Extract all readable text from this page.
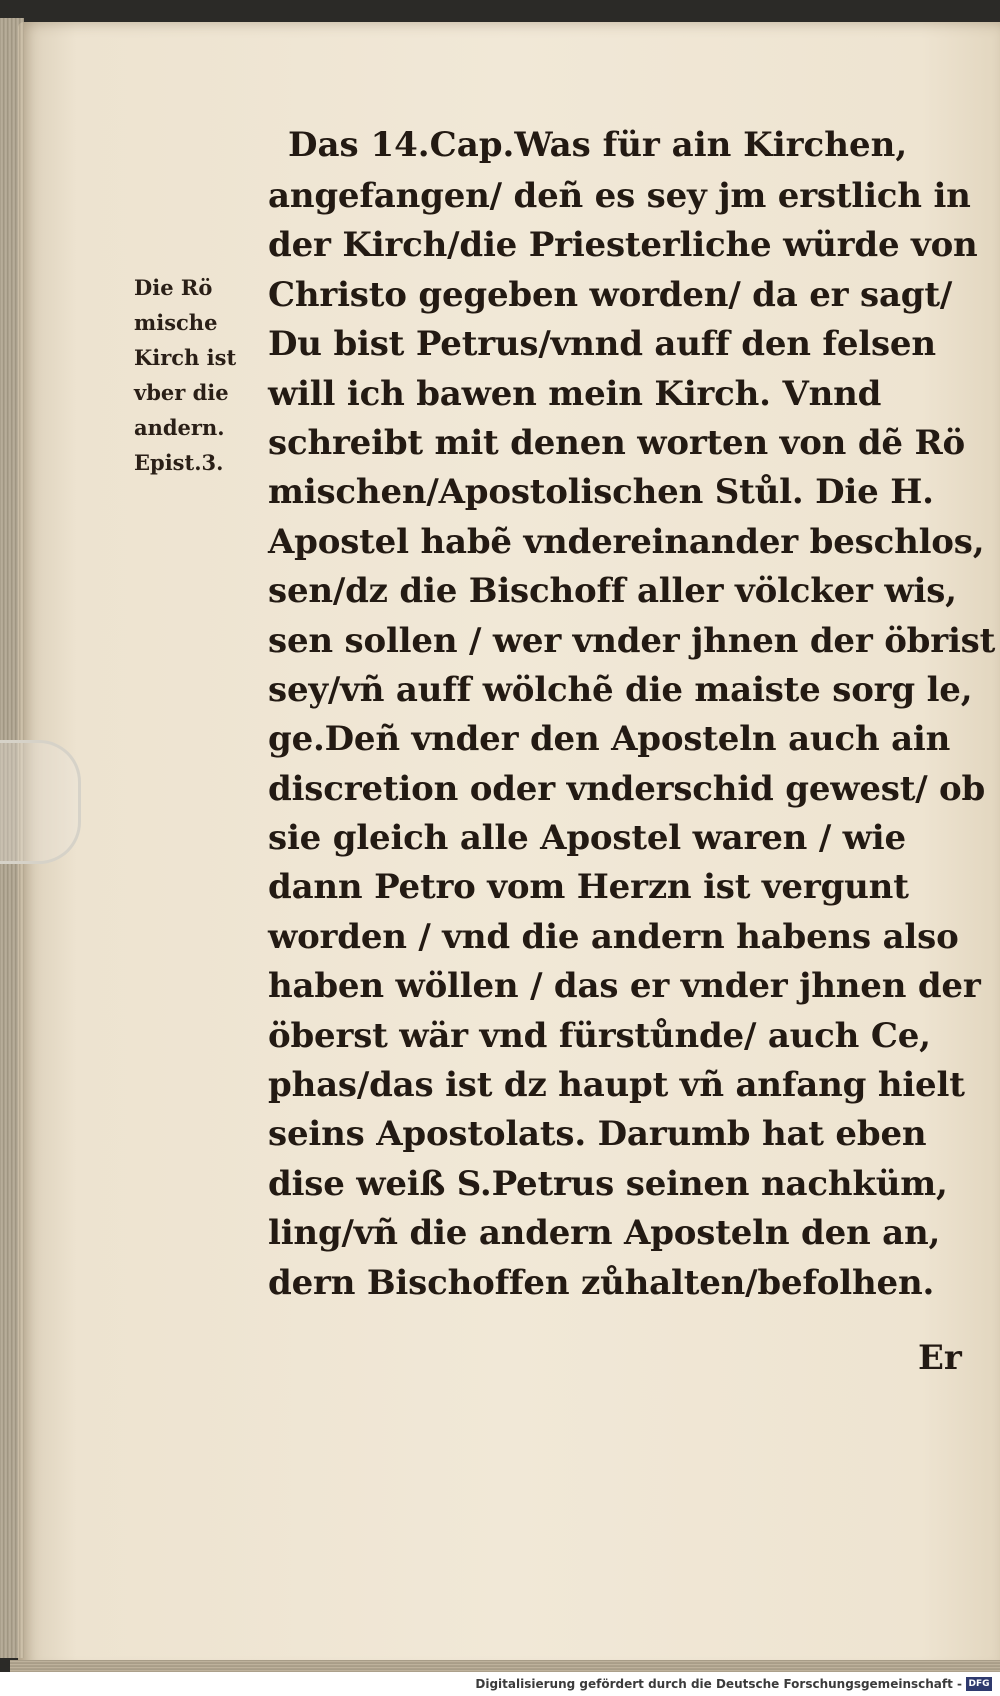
Die Rö
mische
Kirch ist
vber die
andern.
Epist.3.
Das 14.Cap.Was für ain Kirchen,
angefangen/ deñ es sey jm erstlich in
der Kirch/die Priesterliche würde von
Christo gegeben worden/ da er sagt/
Du bist Petrus/vnnd auff den felsen
will ich bawen mein Kirch. Vnnd
schreibt mit denen worten von dẽ Rö
mischen/Apostolischen Stůl. Die H.
Apostel habẽ vndereinander beschlos,
sen/dz die Bischoff aller völcker wis,
sen sollen / wer vnder jhnen der öbrist
sey/vñ auff wölchẽ die maiste sorg le,
ge.Deñ vnder den Aposteln auch ain
discretion oder vnderschid gewest/ ob
sie gleich alle Apostel waren / wie
dann Petro vom Herzn ist vergunt
worden / vnd die andern habens also
haben wöllen / das er vnder jhnen der
öberst wär vnd fürstůnde/ auch Ce,
phas/das ist dz haupt vñ anfang hielt
seins Apostolats. Darumb hat eben
dise weiß S.Petrus seinen nachküm,
ling/vñ die andern Aposteln den an,
dern Bischoffen zůhalten/befolhen.
Er
Digitalisierung gefördert durch die Deutsche Forschungsgemeinschaft - DFG
